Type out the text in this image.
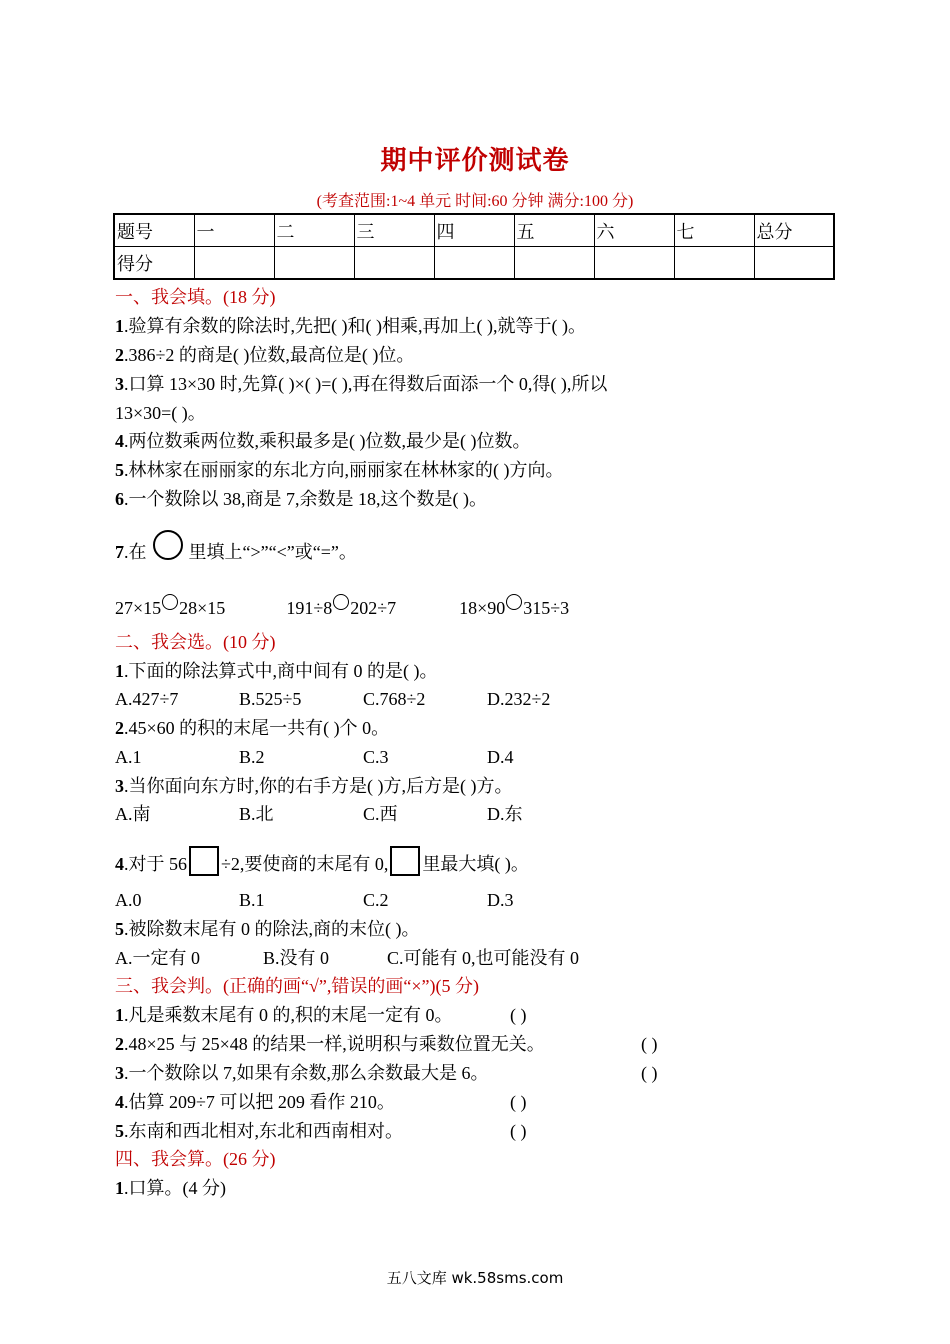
期中评价测试卷
(考查范围:1~4 单元 时间:60 分钟 满分:100 分)
题号	一	二	三	四	五	六	七	总分
得分								
一、我会填。(18 分)
1.验算有余数的除法时,先把( )和( )相乘,再加上( ),就等于( )。
2.386÷2 的商是( )位数,最高位是( )位。
3.口算 13×30 时,先算( )×( )=( ),再在得数后面添一个 0,得( ),所以
13×30=( )。
4.两位数乘两位数,乘积最多是( )位数,最少是( )位数。
5.林林家在丽丽家的东北方向,丽丽家在林林家的( )方向。
6.一个数除以 38,商是 7,余数是 18,这个数是( )。
7.在 里填上“>”“<”或“=”。
27×15 28×15	191÷8 202÷7	18×90 315÷3
二、我会选。(10 分)
1.下面的除法算式中,商中间有 0 的是( )。
A.427÷7	B.525÷5	C.768÷2	D.232÷2
2.45×60 的积的末尾一共有( )个 0。
A.1	B.2	C.3	D.4
3.当你面向东方时,你的右手方是( )方,后方是( )方。
A.南	B.北	C.西	D.东
4.对于 56 ÷2,要使商的末尾有 0, 里最大填( )。
A.0	B.1	C.2	D.3
5.被除数末尾有 0 的除法,商的末位( )。
A.一定有 0	B.没有 0	C.可能有 0,也可能没有 0
三、我会判。(正确的画“√”,错误的画“×”)(5 分)
1.凡是乘数末尾有 0 的,积的末尾一定有 0。	( )
2.48×25 与 25×48 的结果一样,说明积与乘数位置无关。	( )
3.一个数除以 7,如果有余数,那么余数最大是 6。	( )
4.估算 209÷7 可以把 209 看作 210。	( )
5.东南和西北相对,东北和西南相对。	( )
四、我会算。(26 分)
1.口算。(4 分)
五八文库 wk.58sms.com
